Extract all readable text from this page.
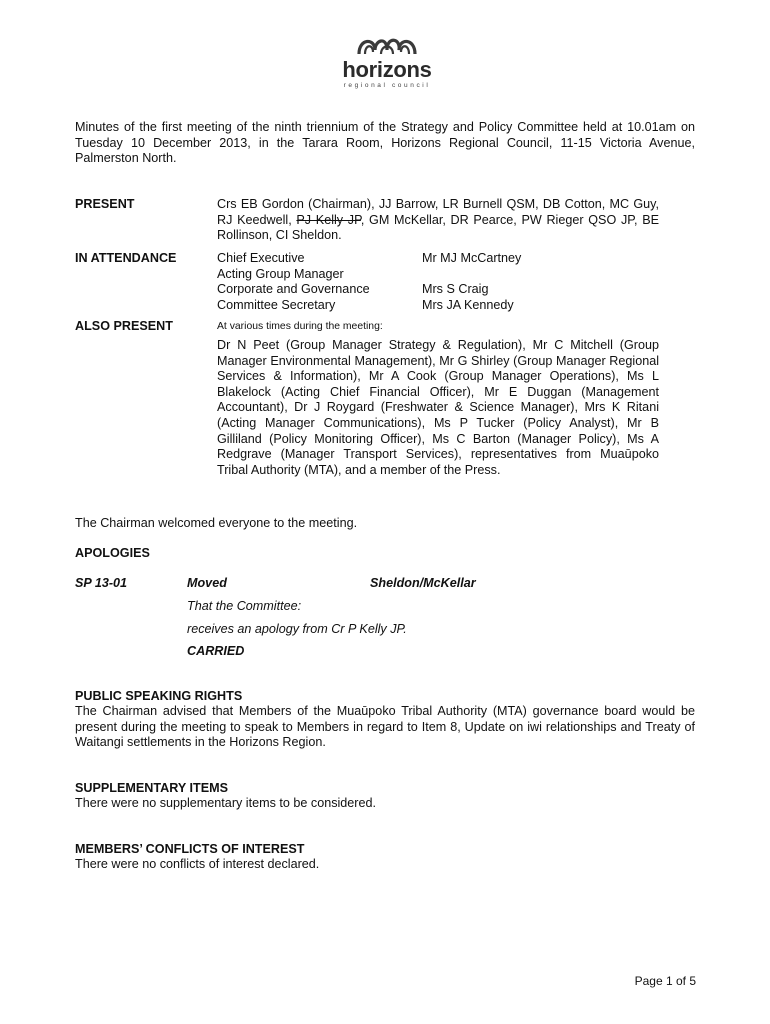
horizons
regional council
Minutes of the first meeting of the ninth triennium of the Strategy and Policy Committee held at 10.01am on Tuesday 10 December 2013, in the Tarara Room, Horizons Regional Council, 11-15 Victoria Avenue, Palmerston North.
PRESENT	Crs EB Gordon (Chairman), JJ Barrow, LR Burnell QSM, DB Cotton, MC Guy, RJ Keedwell, PJ Kelly JP, GM McKellar, DR Pearce, PW Rieger QSO JP, BE Rollinson, CI Sheldon.
IN ATTENDANCE	Chief Executive	Mr MJ McCartney
Acting Group Manager
Corporate and Governance	Mrs S Craig
Committee Secretary	Mrs JA Kennedy
ALSO PRESENT	At various times during the meeting:
Dr N Peet (Group Manager Strategy & Regulation), Mr C Mitchell (Group Manager Environmental Management), Mr G Shirley (Group Manager Regional Services & Information), Mr A Cook (Group Manager Operations), Ms L Blakelock (Acting Chief Financial Officer), Mr E Duggan (Management Accountant), Dr J Roygard (Freshwater & Science Manager), Mrs K Ritani (Acting Manager Communications), Ms P Tucker (Policy Analyst), Mr B Gilliland (Policy Monitoring Officer), Ms C Barton (Manager Policy), Ms A Redgrave (Manager Transport Services), representatives from Muaūpoko Tribal Authority (MTA), and a member of the Press.
The Chairman welcomed everyone to the meeting.
APOLOGIES
SP 13-01	Moved	Sheldon/McKellar
That the Committee:
receives an apology from Cr P Kelly JP.
CARRIED
PUBLIC SPEAKING RIGHTS
The Chairman advised that Members of the Muaūpoko Tribal Authority (MTA) governance board would be present during the meeting to speak to Members in regard to Item 8, Update on iwi relationships and Treaty of Waitangi settlements in the Horizons Region.
SUPPLEMENTARY ITEMS
There were no supplementary items to be considered.
MEMBERS’ CONFLICTS OF INTEREST
There were no conflicts of interest declared.
Page 1 of 5
